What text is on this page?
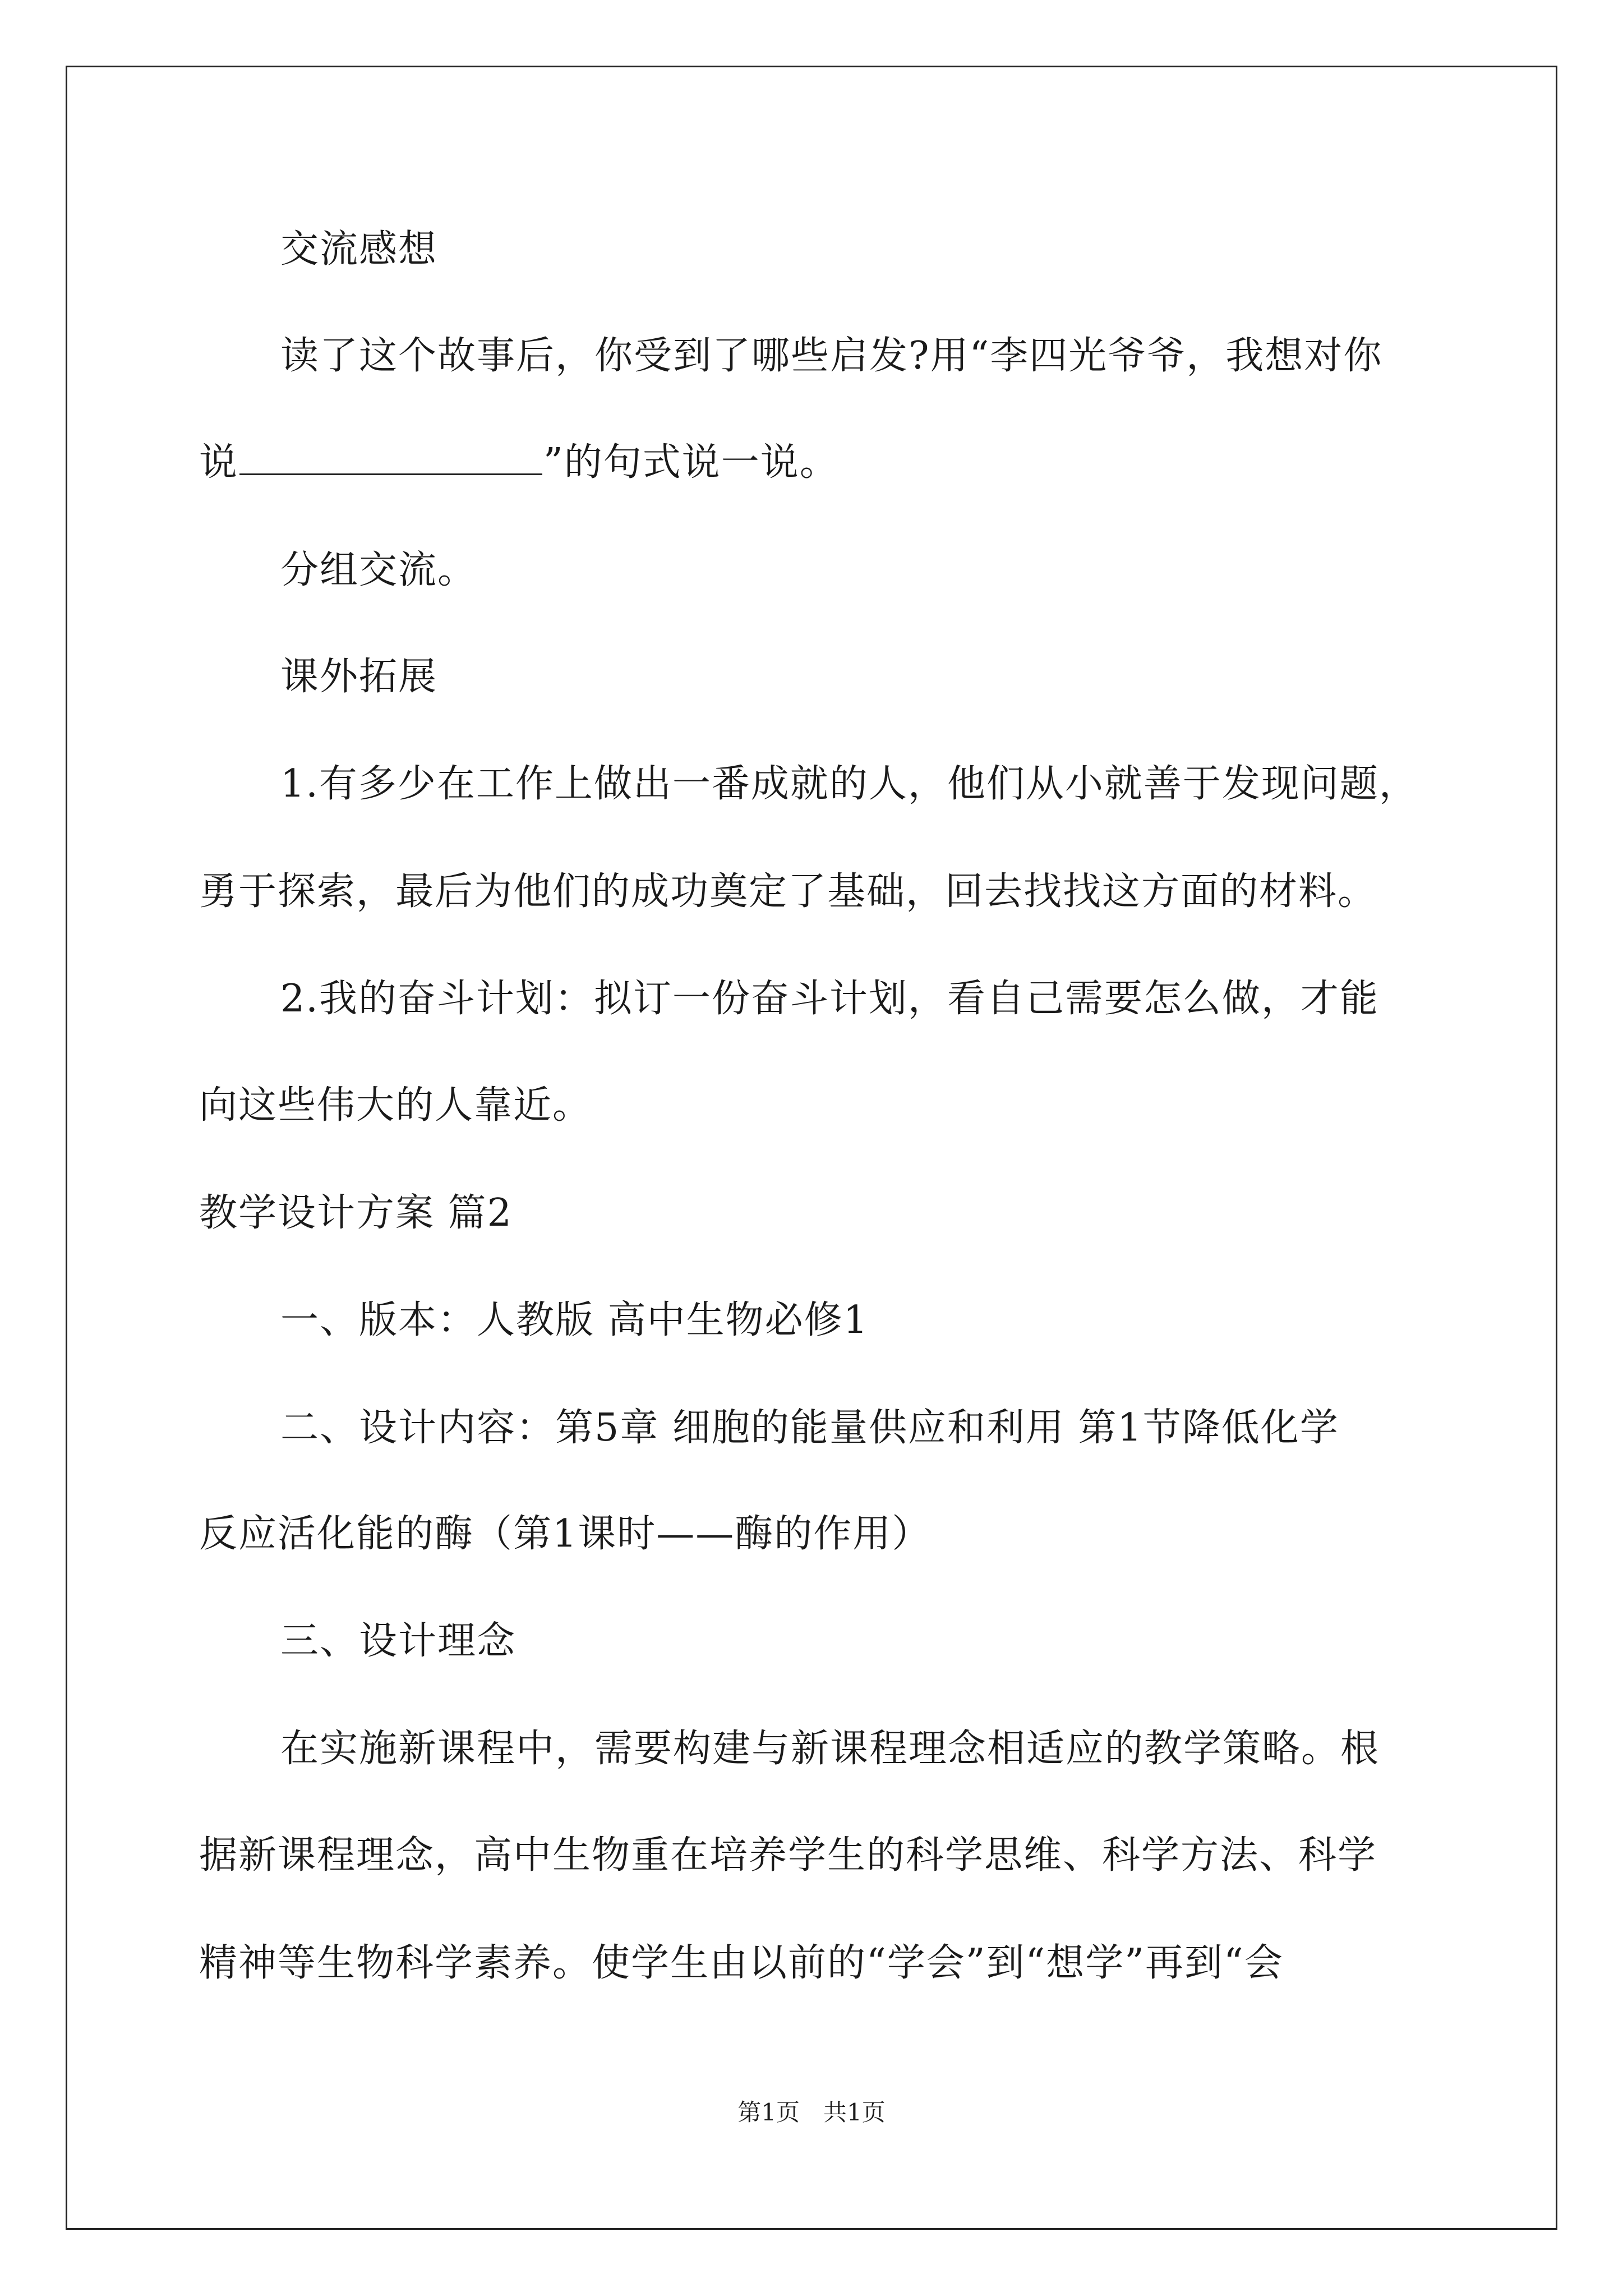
交流感想
读了这个故事后，你受到了哪些启发?用“李四光爷爷，我想对你
说	”的句式说一说。
分组交流。
课外拓展
1.有多少在工作上做出一番成就的人，他们从小就善于发现问题，
勇于探索，最后为他们的成功奠定了基础，回去找找这方面的材料。
2.我的奋斗计划：拟订一份奋斗计划，看自己需要怎么做，才能
向这些伟大的人靠近。
教学设计方案 篇2
一、版本：人教版 高中生物必修1
二、设计内容：第5章 细胞的能量供应和利用 第1节降低化学
反应活化能的酶（第1课时——酶的作用）
三、设计理念
在实施新课程中，需要构建与新课程理念相适应的教学策略。根
据新课程理念，高中生物重在培养学生的科学思维、科学方法、科学
精神等生物科学素养。使学生由以前的“学会”到“想学”再到“会
第1页　共1页
